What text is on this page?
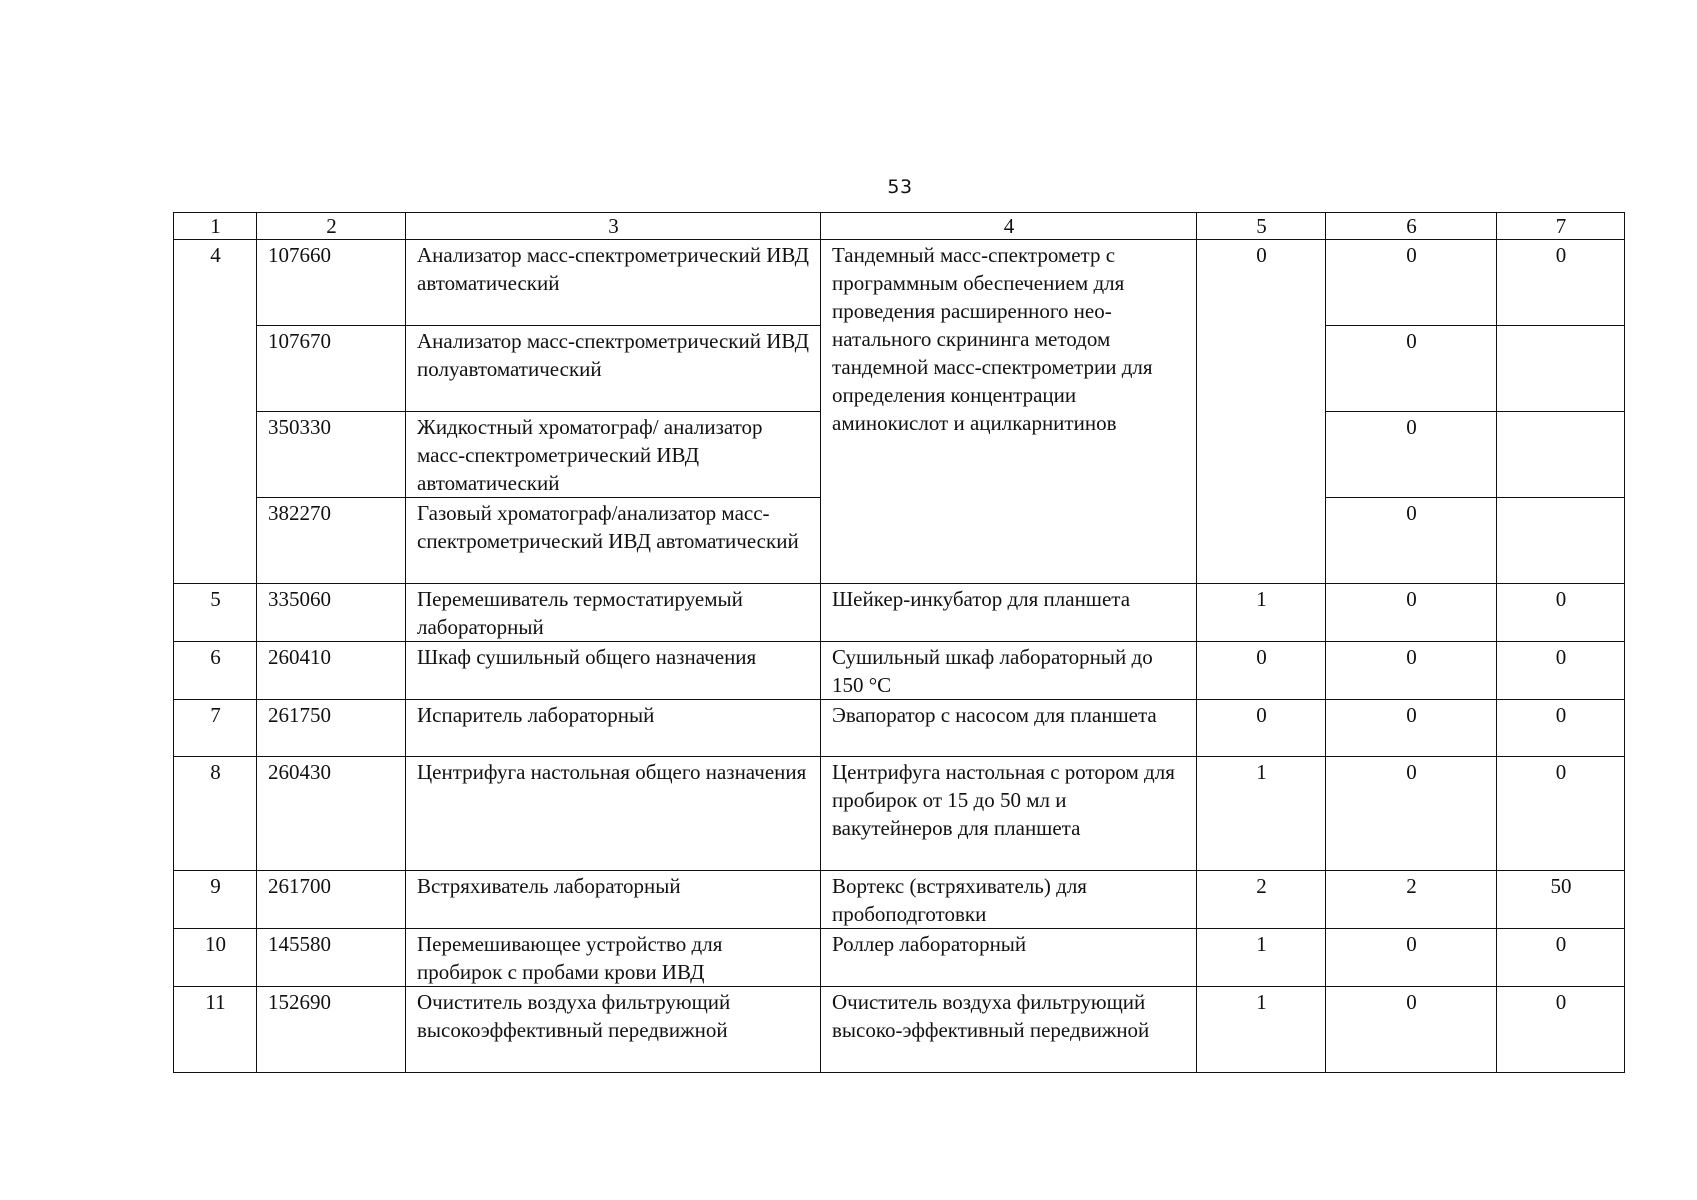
53
1	2	3	4	5	6	7
4	107660	Анализатор масс-спектрометрический ИВД автоматический	Тандемный масс-спектрометр с программным обеспечением для проведения расширенного нео-натального скрининга методом тандемной масс-спектрометрии для определения концентрации аминокислот и ацилкарнитинов	0	0	0
	107670	Анализатор масс-спектрометрический ИВД полуавтоматический			0	
	350330	Жидкостный хроматограф/ анализатор масс-спектрометрический ИВД автоматический			0	
	382270	Газовый хроматограф/анализатор масс-спектрометрический ИВД автоматический			0	
5	335060	Перемешиватель термостатируемый лабораторный	Шейкер-инкубатор для планшета	1	0	0
6	260410	Шкаф сушильный общего назначения	Сушильный шкаф лабораторный до 150 °С	0	0	0
7	261750	Испаритель лабораторный	Эвапоратор с насосом для планшета	0	0	0
8	260430	Центрифуга настольная общего назначения	Центрифуга настольная с ротором для пробирок от 15 до 50 мл и вакутейнеров для планшета	1	0	0
9	261700	Встряхиватель лабораторный	Вортекс (встряхиватель) для пробоподготовки	2	2	50
10	145580	Перемешивающее устройство для пробирок с пробами крови ИВД	Роллер лабораторный	1	0	0
11	152690	Очиститель воздуха фильтрующий высокоэффективный передвижной	Очиститель воздуха фильтрующий высоко-эффективный передвижной	1	0	0
